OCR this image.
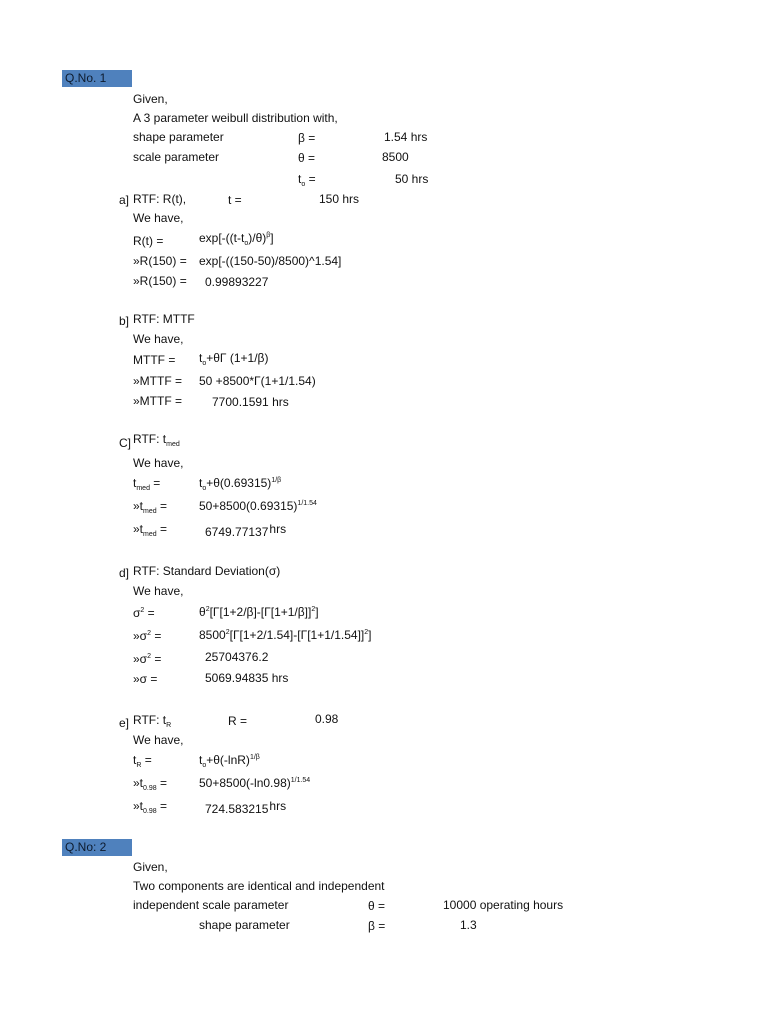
Q.No. 1
Given,
A 3 parameter weibull distribution with,
shape parameter	β =	1.54 hrs
scale parameter	θ =	8500
$t_o$ =	50 hrs
a] RTF: R(t),	t =	150 hrs
We have,
R(t) =	$\exp[-((t-t_o)/\theta)^\beta]$
»R(150) = exp[-((150-50)/8500)^1.54]
»R(150) = 0.99893227
b] RTF: MTTF
We have,
MTTF = $t_o+\theta\Gamma$ (1+1/β)
»MTTF = 50 +8500*Γ(1+1/1.54)
»MTTF = 7700.1591 hrs
C] RTF: $t_{med}$
We have,
$t_{med}$ =	$t_o+\theta(0.69315)^{1/\beta}$
$»t_{med}$ =	$50+8500(0.69315)^{1/1.54}$
$»t_{med}$ =	6749.77137hrs
d] RTF: Standard Deviation(σ)
We have,
$\sigma^2$ =	$\theta^2[\Gamma[1+2/\beta]-[\Gamma[1+1/\beta]]^2]$
$»\sigma^2$ =	$8500^2[\Gamma[1+2/1.54]-[\Gamma[1+1/1.54]]^2]$
$»\sigma^2$ =	25704376.2
»σ =	5069.94835 hrs
e] RTF: $t_R$	R =	0.98
We have,
$t_R$ =	$t_o+\theta(-\ln R)^{1/\beta}$
$»t_{0.98}$ =	$50+8500(-\ln 0.98)^{1/1.54}$
$»t_{0.98}$ =	724.583215hrs
Q.No: 2
Given,
Two components are identical and independent
independent scale parameter	θ =	10000 operating hours
shape parameter	β =	1.3
